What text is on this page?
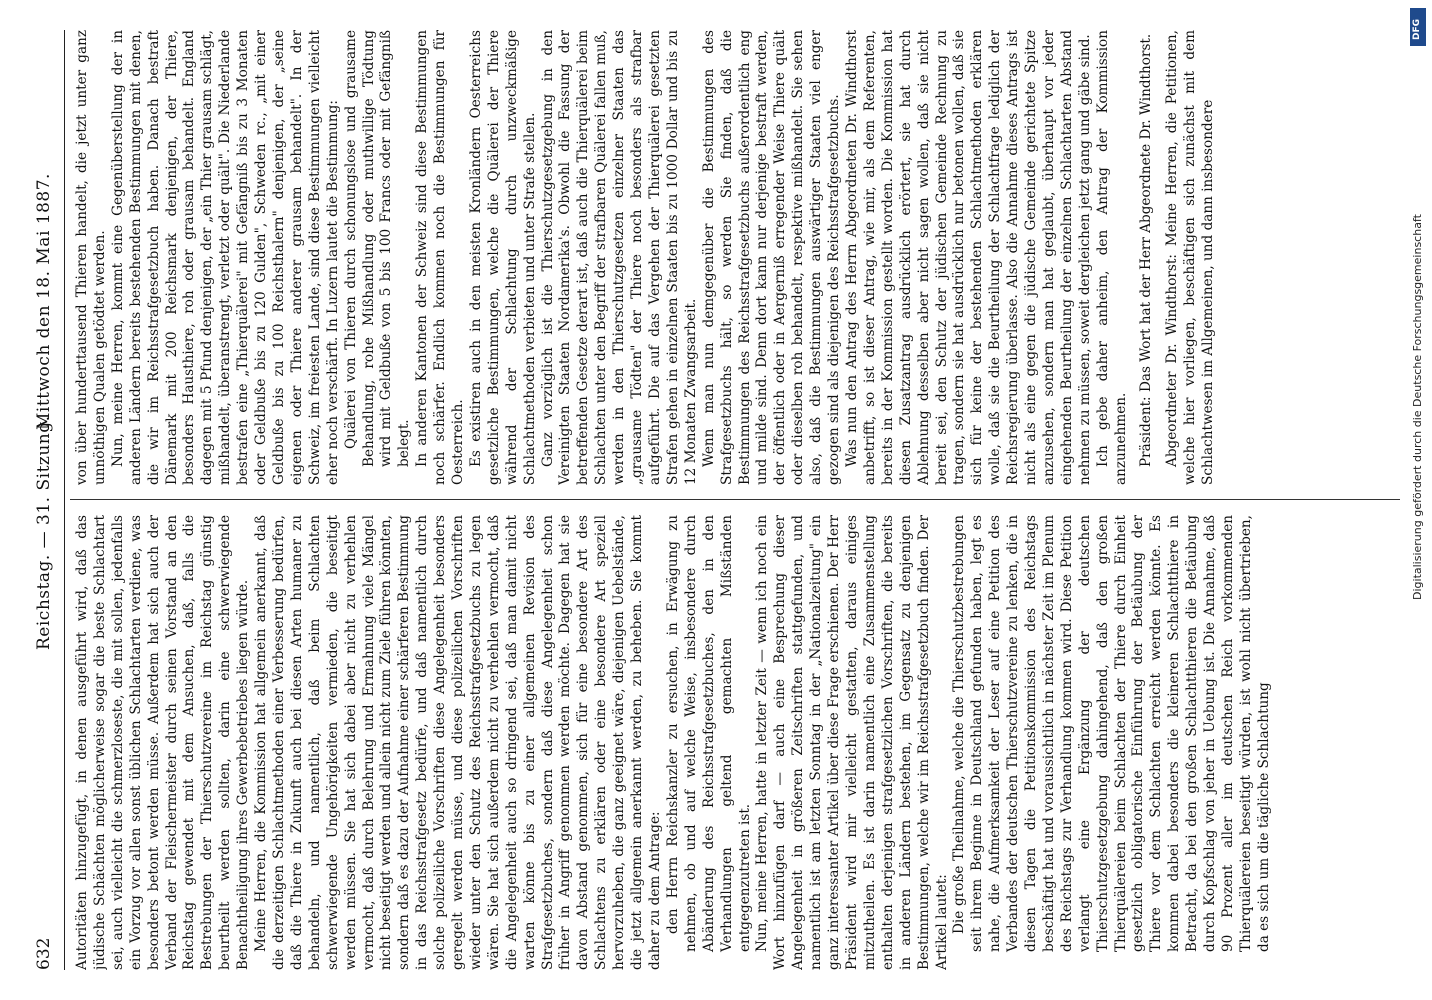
632
Reichstag. — 31. Sitzung.
Mittwoch den 18. Mai 1887.

Autoritäten hinzugefügt, in denen ausgeführt wird, daß das jüdische Schächten möglicherweise sogar die beste Schlachtart sei, auch vielleicht die schmerzloseste, die mit sollen, jedenfalls ein Vorzug vor allen sonst üblichen Schlachtarten verdiene, was besonders betont werden müsse. Außerdem hat sich auch der Verband der Fleischermeister durch seinen Vorstand an den Reichstag gewendet mit dem Ansuchen, daß, falls die Bestrebungen der Thierschutzvereine im Reichstag günstig beurtheilt werden sollten, darin eine schwerwiegende Benachtheiligung ihres Gewerbebetriebes liegen würde. Meine Herren, die Kommission hat allgemein anerkannt, daß die derzeitigen Schlachtmethoden einer Verbesserung bedürfen, daß die Thiere in Zukunft auch bei diesen Arten humaner zu behandeln, und namentlich, daß beim Schlachten schwerwiegende Ungehörigkeiten vermieden, die beseitigt werden müssen. Sie hat sich dabei aber nicht zu verhehlen vermocht, daß durch Belehrung und Ermahnung viele Mängel nicht beseitigt werden und allein nicht zum Ziele führen könnten, sondern daß es dazu der Aufnahme einer schärferen Bestimmung in das Reichsstrafgesetz bedürfe, und daß namentlich durch solche polizeiliche Vorschriften diese Angelegenheit besonders geregelt werden müsse, und diese polizeilichen Vorschriften wieder unter den Schutz des Reichsstrafgesetzbuchs zu legen wären. Sie hat sich außerdem nicht zu verhehlen vermocht, daß die Angelegenheit auch so dringend sei, daß man damit nicht warten könne bis zu einer allgemeinen Revision des Strafgesetzbuches, sondern daß diese Angelegenheit schon früher in Angriff genommen werden möchte. Dagegen hat sie davon Abstand genommen, sich für eine besondere Art des Schlachtens zu erklären oder eine besondere Art speziell hervorzuheben, die ganz geeignet wäre, diejenigen Uebelstände, die jetzt allgemein anerkannt werden, zu beheben. Sie kommt daher zu dem Antrage: den Herrn Reichskanzler zu ersuchen, in Erwägung zu nehmen, ob und auf welche Weise, insbesondere durch Abänderung des Reichsstrafgesetzbuches, den in den Verhandlungen geltend gemachten Mißständen entgegenzutreten ist. Nun, meine Herren, hatte in letzter Zeit — wenn ich noch ein Wort hinzufügen darf — auch eine Besprechung dieser Angelegenheit in größeren Zeitschriften stattgefunden, und namentlich ist am letzten Sonntag in der „Nationalzeitung" ein ganz interessanter Artikel über diese Frage erschienen. Der Herr Präsident wird mir vielleicht gestatten, daraus einiges mitzutheilen. Es ist darin namentlich eine Zusammenstellung enthalten derjenigen strafgesetzlichen Vorschriften, die bereits in anderen Ländern bestehen, im Gegensatz zu denjenigen Bestimmungen, welche wir im Reichsstrafgesetzbuch finden. Der Artikel lautet: Die große Theilnahme, welche die Thierschutzbestrebungen seit ihrem Beginne in Deutschland gefunden haben, legt es nahe, die Aufmerksamkeit der Leser auf eine Petition des Verbandes der deutschen Thierschutzvereine zu lenken, die in diesen Tagen die Petitionskommission des Reichstags beschäftigt hat und voraussichtlich in nächster Zeit im Plenum des Reichstags zur Verhandlung kommen wird. Diese Petition verlangt eine Ergänzung der deutschen Thierschutzgesetzgebung dahingehend, daß den großen Thierquälereien beim Schlachten der Thiere durch Einheit gesetzlich obligatorische Einführung der Betäubung der Thiere vor dem Schlachten erreicht werden könnte. Es kommen dabei besonders die kleineren Schlachtthiere in Betracht, da bei den großen Schlachtthieren die Betäubung durch Kopfschlag von jeher in Uebung ist. Die Annahme, daß 90 Prozent aller im deutschen Reich vorkommenden Thierquälereien beseitigt würden, ist wohl nicht übertrieben, da es sich um die tägliche Schlachtung

von über hunderttausend Thieren handelt, die jetzt unter ganz unnöthigen Qualen getödtet werden. Nun, meine Herren, kommt eine Gegenüberstellung der in anderen Ländern bereits bestehenden Bestimmungen mit denen, die wir im Reichsstrafgesetzbuch haben. Danach bestraft Dänemark mit 200 Reichsmark denjenigen, der Thiere, besonders Hausthiere, roh oder grausam behandelt. England dagegen mit 5 Pfund denjenigen, der „ein Thier grausam schlägt, mißhandelt, überanstrengt, verletzt oder quält". Die Niederlande bestrafen eine „Thierquälerei" mit Gefängniß bis zu 3 Monaten oder Geldbuße bis zu 120 Gulden", Schweden rc., „mit einer Geldbuße bis zu 100 Reichsthalern" denjenigen, der „seine eigenen oder Thiere anderer grausam behandelt". In der Schweiz, im freiesten Lande, sind diese Bestimmungen vielleicht eher noch verschärft. In Luzern lautet die Bestimmung: Quälerei von Thieren durch schonungslose und grausame Behandlung, rohe Mißhandlung oder muthwillige Tödtung wird mit Geldbuße von 5 bis 100 Francs oder mit Gefängniß belegt. In anderen Kantonen der Schweiz sind diese Bestimmungen noch schärfer. Endlich kommen noch die Bestimmungen für Oesterreich. Es existiren auch in den meisten Kronländern Oesterreichs gesetzliche Bestimmungen, welche die Quälerei der Thiere während der Schlachtung durch unzweckmäßige Schlachtmethoden verbieten und unter Strafe stellen. Ganz vorzüglich ist die Thierschutzgesetzgebung in den Vereinigten Staaten Nordamerika's. Obwohl die Fassung der betreffenden Gesetze derart ist, daß auch die Thierquälerei beim Schlachten unter den Begriff der strafbaren Quälerei fallen muß, werden in den Thierschutzgesetzen einzelner Staaten das „grausame Tödten" der Thiere noch besonders als strafbar aufgeführt. Die auf das Vergehen der Thierquälerei gesetzten Strafen gehen in einzelnen Staaten bis zu 1000 Dollar und bis zu 12 Monaten Zwangsarbeit. Wenn man nun demgegenüber die Bestimmungen des Strafgesetzbuchs hält, so werden Sie finden, daß die Bestimmungen des Reichsstrafgesetzbuchs außerordentlich eng und milde sind. Denn dort kann nur derjenige bestraft werden, der öffentlich oder in Aergerniß erregender Weise Thiere quält oder dieselben roh behandelt, respektive mißhandelt. Sie sehen also, daß die Bestimmungen auswärtiger Staaten viel enger gezogen sind als diejenigen des Reichsstrafgesetzbuchs. Was nun den Antrag des Herrn Abgeordneten Dr. Windthorst anbetrifft, so ist dieser Antrag, wie mir, als dem Referenten, bereits in der Kommission gestellt worden. Die Kommission hat diesen Zusatzantrag ausdrücklich erörtert, sie hat durch Ablehnung desselben aber nicht sagen wollen, daß sie nicht bereit sei, den Schutz der jüdischen Gemeinde Rechnung zu tragen, sondern sie hat ausdrücklich nur betonen wollen, daß sie sich für keine der bestehenden Schlachtmethoden erklären wolle, daß sie die Beurtheilung der Schlachtfrage lediglich der Reichsregierung überlasse. Also die Annahme dieses Antrags ist nicht als eine gegen die jüdische Gemeinde gerichtete Spitze anzusehen, sondern man hat geglaubt, überhaupt vor jeder eingehenden Beurtheilung der einzelnen Schlachtarten Abstand nehmen zu müssen, soweit dergleichen jetzt gang und gäbe sind. Ich gebe daher anheim, den Antrag der Kommission anzunehmen. Präsident: Das Wort hat der Herr Abgeordnete Dr. Windthorst. Abgeordneter Dr. Windthorst: Meine Herren, die Petitionen, welche hier vorliegen, beschäftigen sich zunächst mit dem Schlachtwesen im Allgemeinen, und dann insbesondere	Digitalisierung gefördert durch die Deutsche Forschungsgemeinschaft
DFG
